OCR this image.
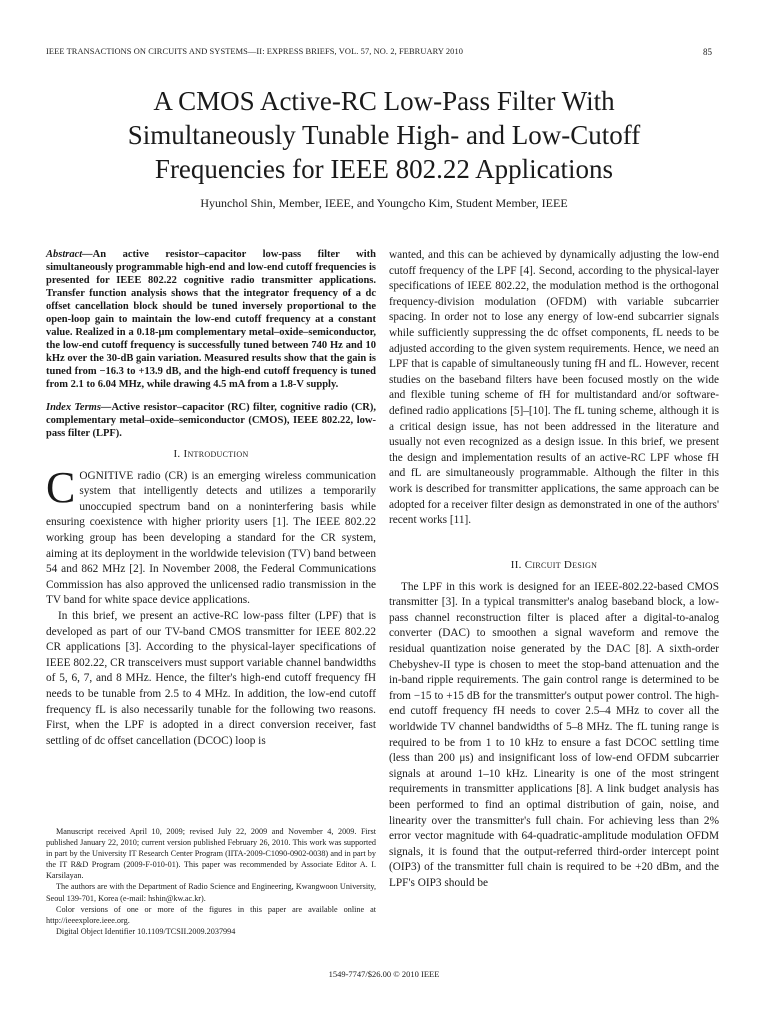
IEEE TRANSACTIONS ON CIRCUITS AND SYSTEMS—II: EXPRESS BRIEFS, VOL. 57, NO. 2, FEBRUARY 2010	85
A CMOS Active-RC Low-Pass Filter With
Simultaneously Tunable High- and Low-Cutoff
Frequencies for IEEE 802.22 Applications
Hyunchol Shin, Member, IEEE, and Youngcho Kim, Student Member, IEEE
Abstract—An active resistor–capacitor low-pass filter with simultaneously programmable high-end and low-end cutoff frequencies is presented for IEEE 802.22 cognitive radio transmitter applications. Transfer function analysis shows that the integrator frequency of a dc offset cancellation block should be tuned inversely proportional to the open-loop gain to maintain the low-end cutoff frequency at a constant value. Realized in a 0.18-μm complementary metal–oxide–semiconductor, the low-end cutoff frequency is successfully tuned between 740 Hz and 10 kHz over the 30-dB gain variation. Measured results show that the gain is tuned from −16.3 to +13.9 dB, and the high-end cutoff frequency is tuned from 2.1 to 6.04 MHz, while drawing 4.5 mA from a 1.8-V supply.
Index Terms—Active resistor–capacitor (RC) filter, cognitive radio (CR), complementary metal–oxide–semiconductor (CMOS), IEEE 802.22, low-pass filter (LPF).
I. Introduction

COGNITIVE radio (CR) is an emerging wireless communication system that intelligently detects and utilizes a temporarily unoccupied spectrum band on a noninterfering basis while ensuring coexistence with higher priority users [1]. The IEEE 802.22 working group has been developing a standard for the CR system, aiming at its deployment in the worldwide television (TV) band between 54 and 862 MHz [2]. In November 2008, the Federal Communications Commission has also approved the unlicensed radio transmission in the TV band for white space device applications.

In this brief, we present an active-RC low-pass filter (LPF) that is developed as part of our TV-band CMOS transmitter for IEEE 802.22 CR applications [3]. According to the physical-layer specifications of IEEE 802.22, CR transceivers must support variable channel bandwidths of 5, 6, 7, and 8 MHz. Hence, the filter's high-end cutoff frequency fH needs to be tunable from 2.5 to 4 MHz. In addition, the low-end cutoff frequency fL is also necessarily tunable for the following two reasons. First, when the LPF is adopted in a direct conversion receiver, fast settling of dc offset cancellation (DCOC) loop is

wanted, and this can be achieved by dynamically adjusting the low-end cutoff frequency of the LPF [4]. Second, according to the physical-layer specifications of IEEE 802.22, the modulation method is the orthogonal frequency-division modulation (OFDM) with variable subcarrier spacing. In order not to lose any energy of low-end subcarrier signals while sufficiently suppressing the dc offset components, fL needs to be adjusted according to the given system requirements. Hence, we need an LPF that is capable of simultaneously tuning fH and fL. However, recent studies on the baseband filters have been focused mostly on the wide and flexible tuning scheme of fH for multistandard and/or software-defined radio applications [5]–[10]. The fL tuning scheme, although it is a critical design issue, has not been addressed in the literature and usually not even recognized as a design issue. In this brief, we present the design and implementation results of an active-RC LPF whose fH and fL are simultaneously programmable. Although the filter in this work is described for transmitter applications, the same approach can be adopted for a receiver filter design as demonstrated in one of the authors' recent works [11].

II. Circuit Design

The LPF in this work is designed for an IEEE-802.22-based CMOS transmitter [3]. In a typical transmitter's analog baseband block, a low-pass channel reconstruction filter is placed after a digital-to-analog converter (DAC) to smoothen a signal waveform and remove the residual quantization noise generated by the DAC [8]. A sixth-order Chebyshev-II type is chosen to meet the stop-band attenuation and the in-band ripple requirements. The gain control range is determined to be from −15 to +15 dB for the transmitter's output power control. The high-end cutoff frequency fH needs to cover 2.5–4 MHz to cover all the worldwide TV channel bandwidths of 5–8 MHz. The fL tuning range is required to be from 1 to 10 kHz to ensure a fast DCOC settling time (less than 200 μs) and insignificant loss of low-end OFDM subcarrier signals at around 1–10 kHz. Linearity is one of the most stringent requirements in transmitter applications [8]. A link budget analysis has been performed to find an optimal distribution of gain, noise, and linearity over the transmitter's full chain. For achieving less than 2% error vector magnitude with 64-quadratic-amplitude modulation OFDM signals, it is found that the output-referred third-order intercept point (OIP3) of the transmitter full chain is required to be +20 dBm, and the LPF's OIP3 should be

Manuscript received April 10, 2009; revised July 22, 2009 and November 4, 2009. First published January 22, 2010; current version published February 26, 2010. This work was supported in part by the University IT Research Center Program (IITA-2009-C1090-0902-0038) and in part by the IT R&D Program (2009-F-010-01). This paper was recommended by Associate Editor A. I. Karsilayan.

The authors are with the Department of Radio Science and Engineering, Kwangwoon University, Seoul 139-701, Korea (e-mail: hshin@kw.ac.kr).

Color versions of one or more of the figures in this paper are available online at http://ieeexplore.ieee.org.

Digital Object Identifier 10.1109/TCSII.2009.2037994

1549-7747/$26.00 © 2010 IEEE
